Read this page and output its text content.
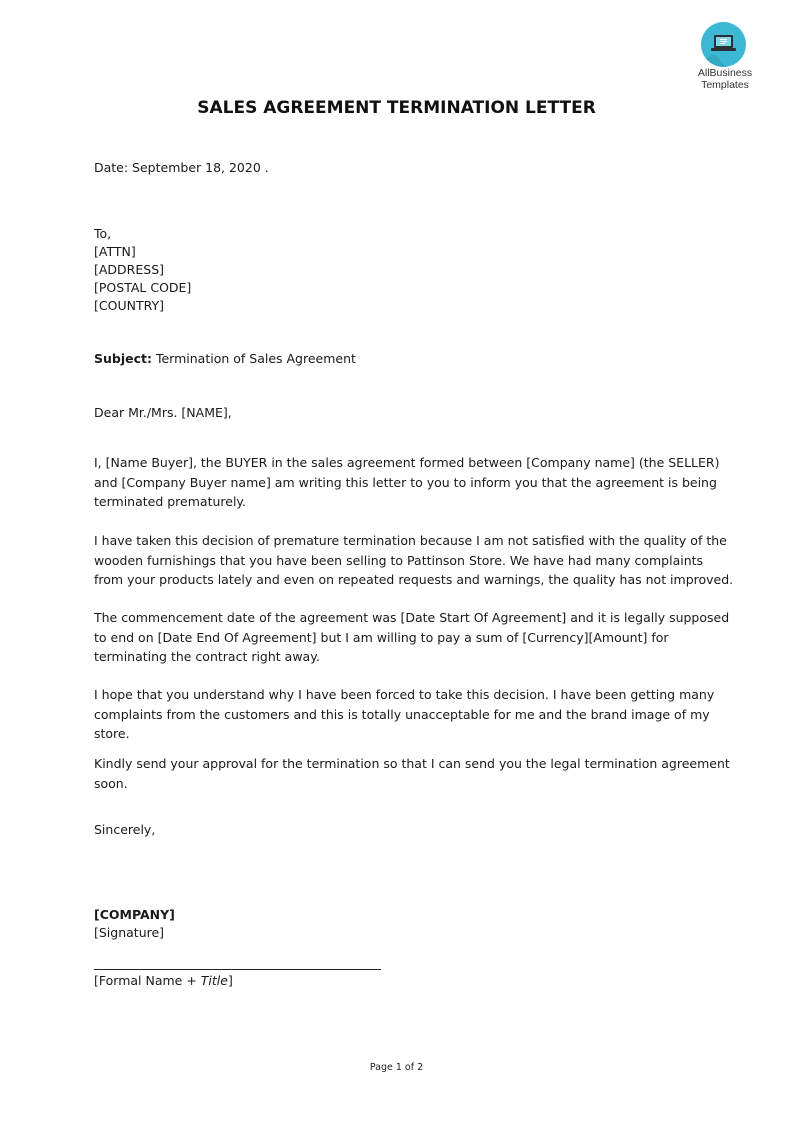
AllBusiness
Templates
SALES AGREEMENT TERMINATION LETTER
Date: September 18, 2020 .
To,
[ATTN]
[ADDRESS]
[POSTAL CODE]
[COUNTRY]
Subject: Termination of Sales Agreement
Dear Mr./Mrs. [NAME],
I, [Name Buyer], the BUYER in the sales agreement formed between [Company name] (the SELLER)
and [Company Buyer name] am writing this letter to you to inform you that the agreement is being
terminated prematurely.
I have taken this decision of premature termination because I am not satisfied with the quality of the
wooden furnishings that you have been selling to Pattinson Store. We have had many complaints
from your products lately and even on repeated requests and warnings, the quality has not improved.
The commencement date of the agreement was [Date Start Of Agreement] and it is legally supposed
to end on [Date End Of Agreement] but I am willing to pay a sum of [Currency][Amount] for
terminating the contract right away.
I hope that you understand why I have been forced to take this decision. I have been getting many
complaints from the customers and this is totally unacceptable for me and the brand image of my
store.
Kindly send your approval for the termination so that I can send you the legal termination agreement
soon.
Sincerely,
[COMPANY]
[Signature]
[Formal Name + Title]
Page 1 of 2
